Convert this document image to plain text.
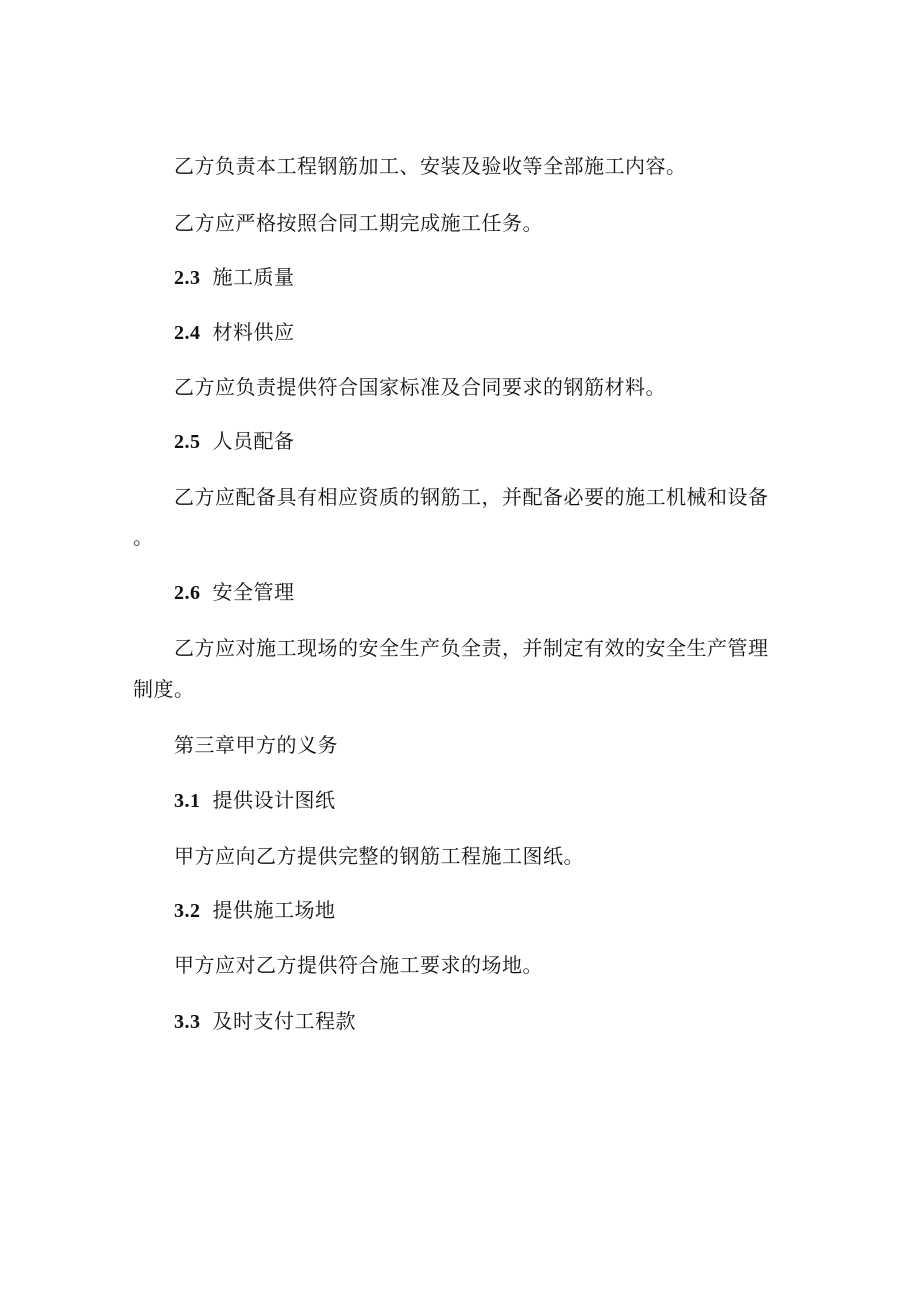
乙方负责本工程钢筋加工、安装及验收等全部施工内容。
乙方应严格按照合同工期完成施工任务。
2.3 施工质量
2.4 材料供应
乙方应负责提供符合国家标准及合同要求的钢筋材料。
2.5 人员配备
乙方应配备具有相应资质的钢筋工，并配备必要的施工机械和设备
。
2.6 安全管理
乙方应对施工现场的安全生产负全责，并制定有效的安全生产管理
制度。
第三章甲方的义务
3.1 提供设计图纸
甲方应向乙方提供完整的钢筋工程施工图纸。
3.2 提供施工场地
甲方应对乙方提供符合施工要求的场地。
3.3 及时支付工程款
